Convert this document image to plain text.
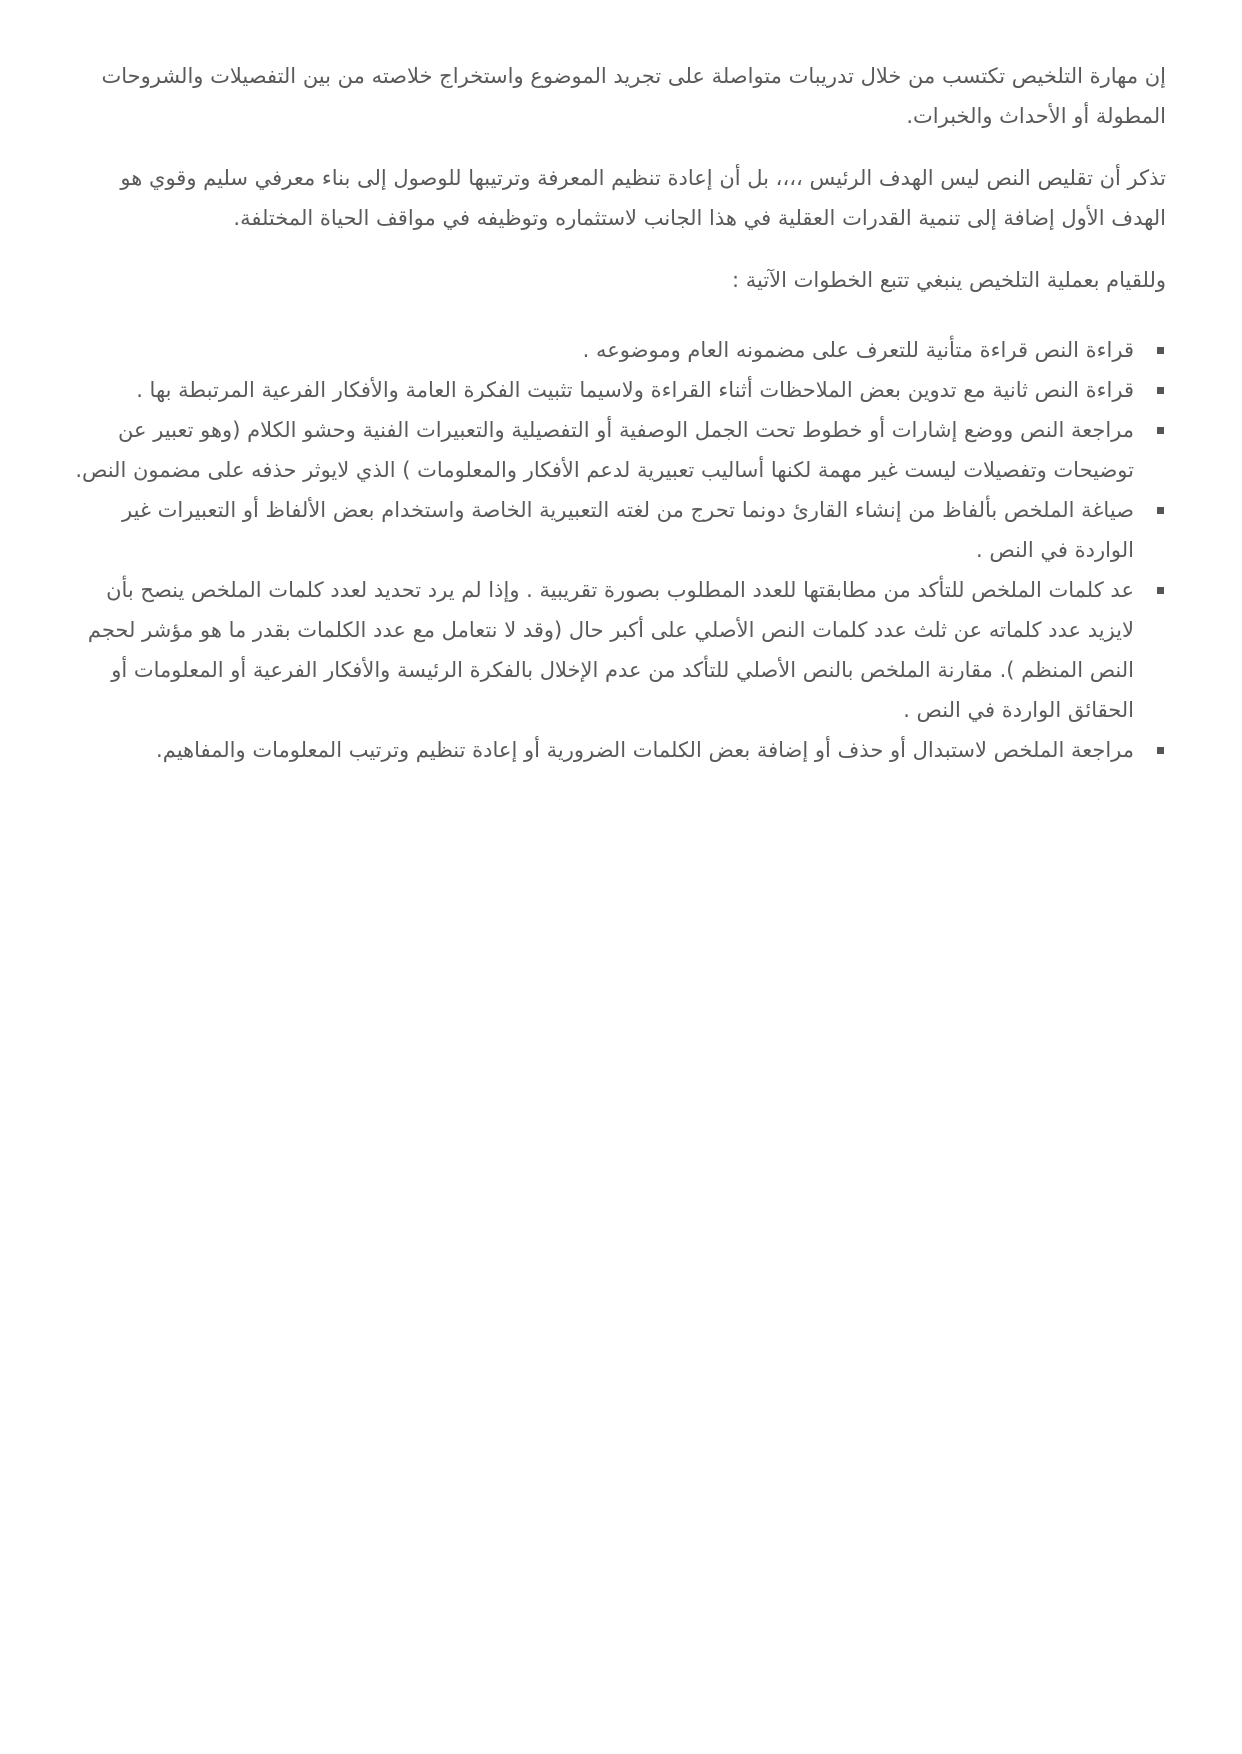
إن مهارة التلخيص تكتسب من خلال تدريبات متواصلة على تجريد الموضوع واستخراج خلاصته من بين التفصيلات والشروحات المطولة أو الأحداث والخبرات.

تذكر أن تقليص النص ليس الهدف الرئيس ،،،، بل أن إعادة تنظيم المعرفة وترتيبها للوصول إلى بناء معرفي سليم وقوي هو الهدف الأول إضافة إلى تنمية القدرات العقلية في هذا الجانب لاستثماره وتوظيفه في مواقف الحياة المختلفة.

وللقيام بعملية التلخيص ينبغي تتبع الخطوات الآتية :

قراءة النص قراءة متأنية للتعرف على مضمونه العام وموضوعه .
قراءة النص ثانية مع تدوين بعض الملاحظات أثناء القراءة ولاسيما تثبيت الفكرة العامة والأفكار الفرعية المرتبطة بها .
مراجعة النص ووضع إشارات أو خطوط تحت الجمل الوصفية أو التفصيلية والتعبيرات الفنية وحشو الكلام (وهو تعبير عن توضيحات وتفصيلات ليست غير مهمة لكنها أساليب تعبيرية لدعم الأفكار والمعلومات ) الذي لايوثر حذفه على مضمون النص.
صياغة الملخص بألفاظ من إنشاء القارئ دونما تحرج من لغته التعبيرية الخاصة واستخدام بعض الألفاظ أو التعبيرات غير الواردة في النص .
عد كلمات الملخص للتأكد من مطابقتها للعدد المطلوب بصورة تقريبية . وإذا لم يرد تحديد لعدد كلمات الملخص ينصح بأن لايزيد عدد كلماته عن ثلث عدد كلمات النص الأصلي على أكبر حال (وقد لا نتعامل مع عدد الكلمات بقدر ما هو مؤشر لحجم النص المنظم ). مقارنة الملخص بالنص الأصلي للتأكد من عدم الإخلال بالفكرة الرئيسة والأفكار الفرعية أو المعلومات أو الحقائق الواردة في النص .
مراجعة الملخص لاستبدال أو حذف أو إضافة بعض الكلمات الضرورية أو إعادة تنظيم وترتيب المعلومات والمفاهيم.
